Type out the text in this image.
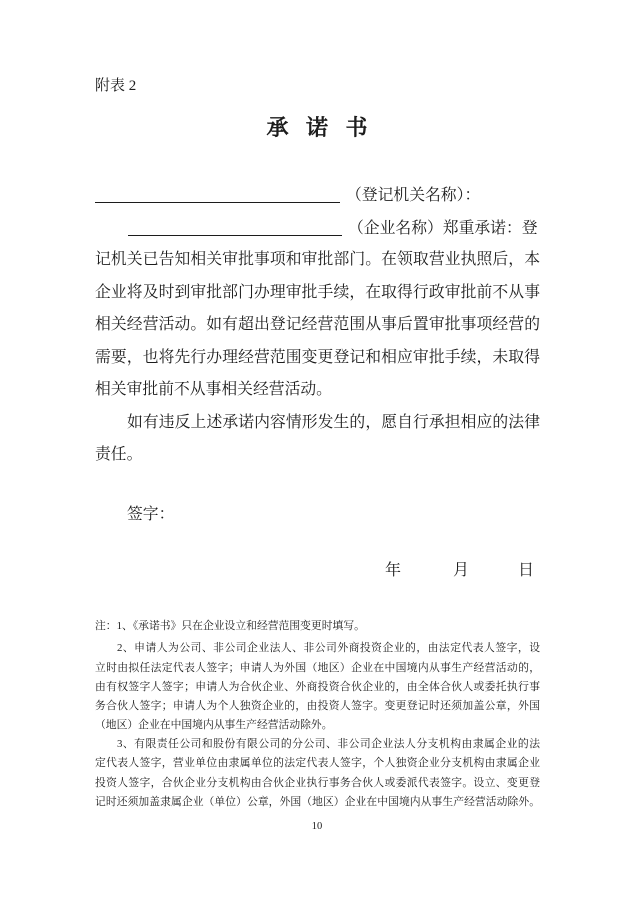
附表 2
承 诺 书
（登记机关名称）：
（企业名称）郑重承诺：登
记机关已告知相关审批事项和审批部门。在领取营业执照后，本
企业将及时到审批部门办理审批手续，在取得行政审批前不从事
相关经营活动。如有超出登记经营范围从事后置审批事项经营的
需要，也将先行办理经营范围变更登记和相应审批手续，未取得
相关审批前不从事相关经营活动。
如有违反上述承诺内容情形发生的，愿自行承担相应的法律
责任。
签字：
年	月	日
注：1、《承诺书》只在企业设立和经营范围变更时填写。
2、申请人为公司、非公司企业法人、非公司外商投资企业的，由法定代表人签字，设
立时由拟任法定代表人签字；申请人为外国（地区）企业在中国境内从事生产经营活动的，
由有权签字人签字；申请人为合伙企业、外商投资合伙企业的，由全体合伙人或委托执行事
务合伙人签字；申请人为个人独资企业的，由投资人签字。变更登记时还须加盖公章，外国
（地区）企业在中国境内从事生产经营活动除外。
3、有限责任公司和股份有限公司的分公司、非公司企业法人分支机构由隶属企业的法
定代表人签字，营业单位由隶属单位的法定代表人签字，个人独资企业分支机构由隶属企业
投资人签字，合伙企业分支机构由合伙企业执行事务合伙人或委派代表签字。设立、变更登
记时还须加盖隶属企业（单位）公章，外国（地区）企业在中国境内从事生产经营活动除外。
10
